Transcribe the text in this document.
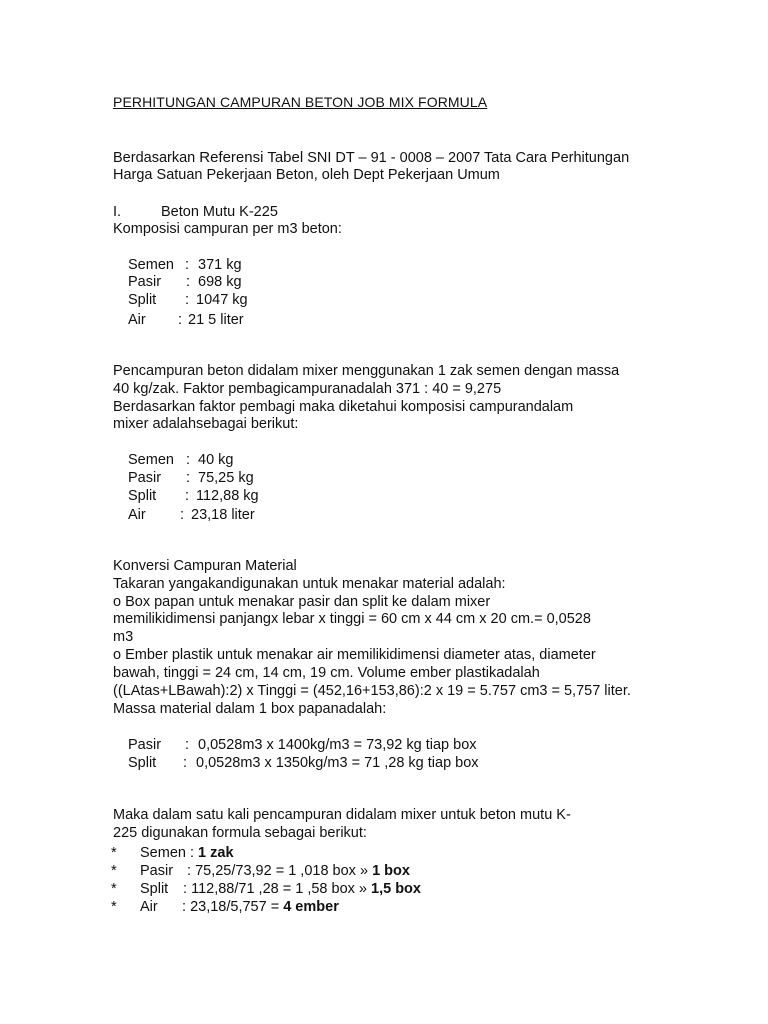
PERHITUNGAN CAMPURAN BETON JOB MIX FORMULA
Berdasarkan Referensi Tabel SNI DT – 91 - 0008 – 2007 Tata Cara Perhitungan
Harga Satuan Pekerjaan Beton, oleh Dept Pekerjaan Umum
I.	Beton Mutu K-225
Komposisi campuran per m3 beton:
Semen : 371 kg
Pasir : 698 kg
Split : 1047 kg
Air : 21 5 liter
Pencampuran beton didalam mixer menggunakan 1 zak semen dengan massa
40 kg/zak. Faktor pembagicampuranadalah 371 : 40 = 9,275
Berdasarkan faktor pembagi maka diketahui komposisi campurandalam
mixer adalahsebagai berikut:
Semen : 40 kg
Pasir : 75,25 kg
Split : 112,88 kg
Air : 23,18 liter
Konversi Campuran Material
Takaran yangakandigunakan untuk menakar material adalah:
o Box papan untuk menakar pasir dan split ke dalam mixer
memilikidimensi panjangx lebar x tinggi = 60 cm x 44 cm x 20 cm.= 0,0528
m3
o Ember plastik untuk menakar air memilikidimensi diameter atas, diameter
bawah, tinggi = 24 cm, 14 cm, 19 cm. Volume ember plastikadalah
((LAtas+LBawah):2) x Tinggi = (452,16+153,86):2 x 19 = 5.757 cm3 = 5,757 liter.
Massa material dalam 1 box papanadalah:
Pasir : 0,0528m3 x 1400kg/m3 = 73,92 kg tiap box
Split : 0,0528m3 x 1350kg/m3 = 71 ,28 kg tiap box
Maka dalam satu kali pencampuran didalam mixer untuk beton mutu K-
225 digunakan formula sebagai berikut:
* Semen : 1 zak
* Pasir : 75,25/73,92 = 1 ,018 box » 1 box
* Split : 112,88/71 ,28 = 1 ,58 box » 1,5 box
* Air : 23,18/5,757 = 4 ember
